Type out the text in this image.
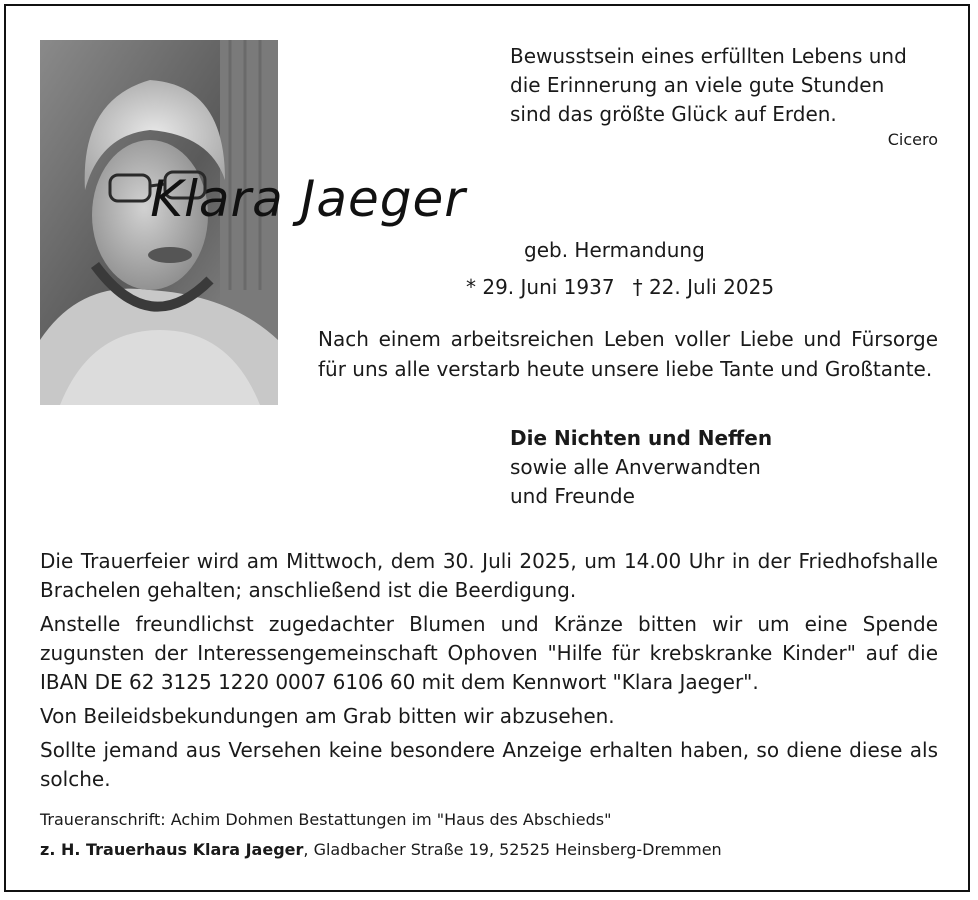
Bewusstsein eines erfüllten Lebens und
die Erinnerung an viele gute Stunden
sind das größte Glück auf Erden.
Cicero
Klara Jaeger
geb. Hermandung
* 29. Juni 1937 † 22. Juli 2025
Nach einem arbeitsreichen Leben voller Liebe und Fürsorge für uns alle verstarb heute unsere liebe Tante und Großtante.
Die Nichten und Neffen
sowie alle Anverwandten
und Freunde

Die Trauerfeier wird am Mittwoch, dem 30. Juli 2025, um 14.00 Uhr in der Friedhofshalle Brachelen gehalten; anschließend ist die Beerdigung.

Anstelle freundlichst zugedachter Blumen und Kränze bitten wir um eine Spende zugunsten der Interessengemeinschaft Ophoven "Hilfe für krebskranke Kinder" auf die IBAN DE 62 3125 1220 0007 6106 60 mit dem Kennwort "Klara Jaeger".

Von Beileidsbekundungen am Grab bitten wir abzusehen.

Sollte jemand aus Versehen keine besondere Anzeige erhalten haben, so diene diese als solche.

Traueranschrift: Achim Dohmen Bestattungen im "Haus des Abschieds"
z. H. Trauerhaus Klara Jaeger, Gladbacher Straße 19, 52525 Heinsberg-Dremmen
